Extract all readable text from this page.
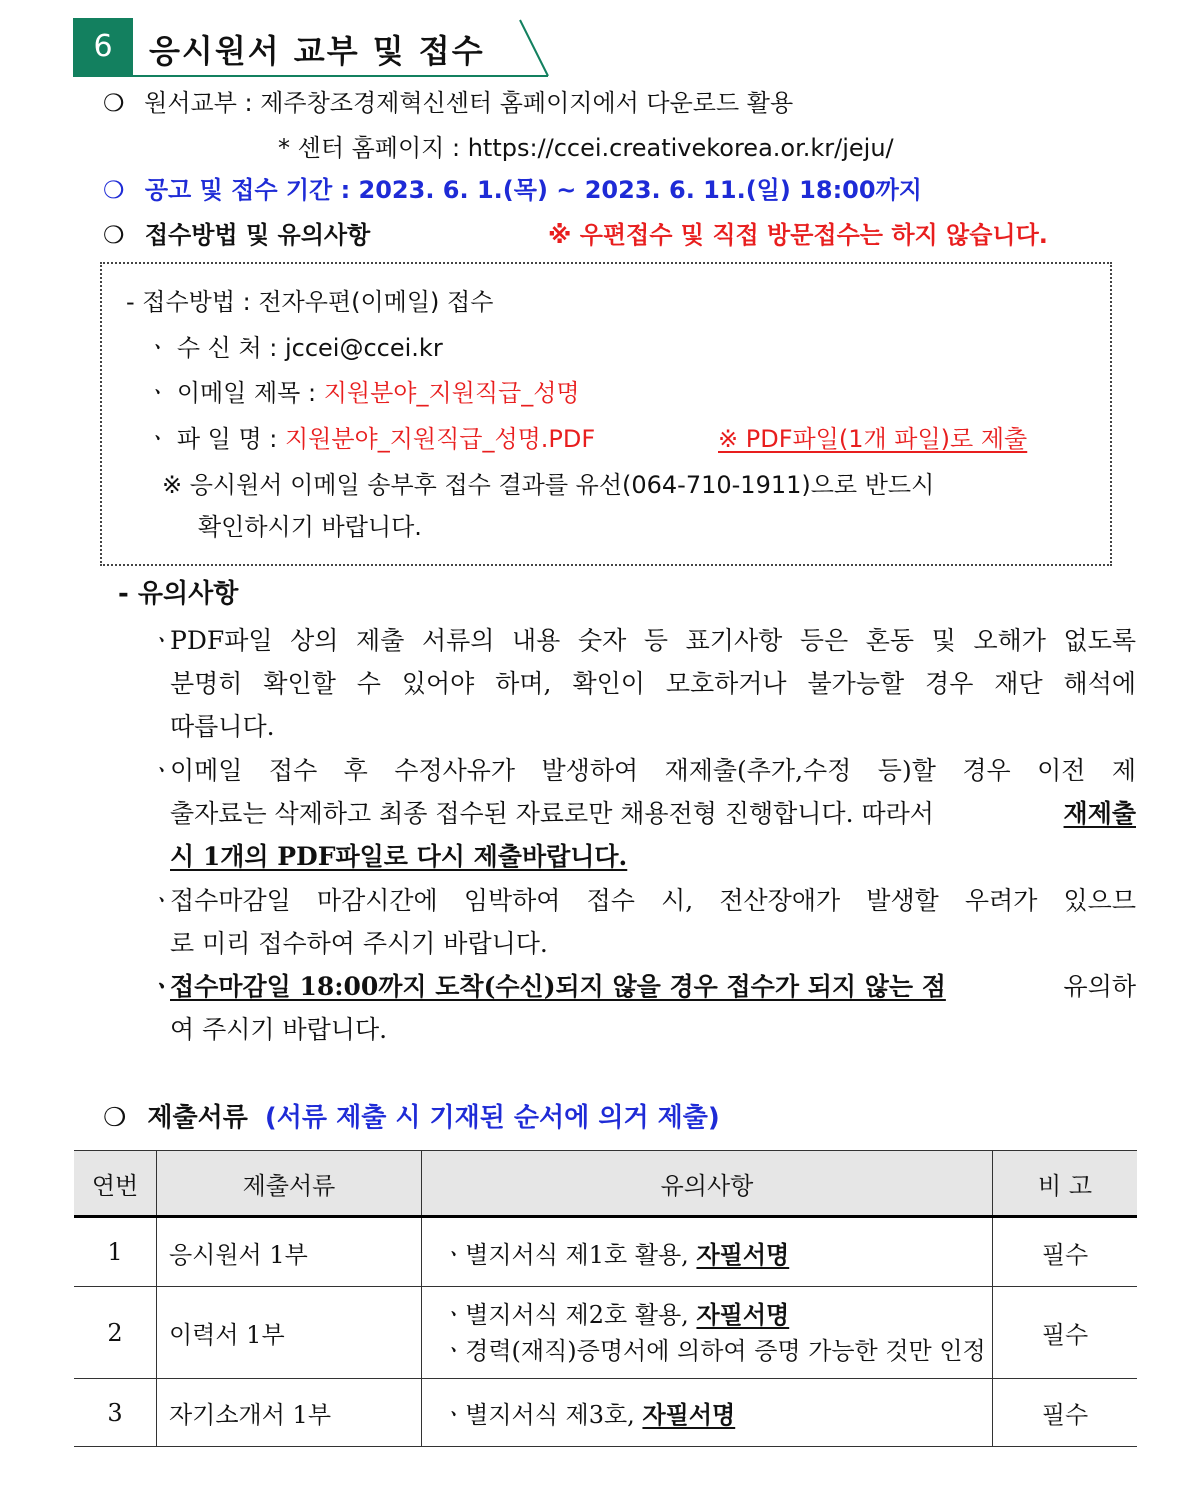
6	응시원서 교부 및 접수
❍ 원서교부 : 제주창조경제혁신센터 홈페이지에서 다운로드 활용
* 센터 홈페이지 : https://ccei.creativekorea.or.kr/jeju/
❍ 공고 및 접수 기간 : 2023. 6. 1.(목) ~ 2023. 6. 11.(일) 18:00까지
❍ 접수방법 및 유의사항	※ 우편접수 및 직접 방문접수는 하지 않습니다.
- 접수방법 : 전자우편(이메일) 접수
ㆍ 수 신 처 : jccei@ccei.kr
ㆍ 이메일 제목 : 지원분야_지원직급_성명
ㆍ 파 일 명 : 지원분야_지원직급_성명.PDF	※ PDF파일(1개 파일)로 제출
※ 응시원서 이메일 송부후 접수 결과를 유선(064-710-1911)으로 반드시
확인하시기 바랍니다.
- 유의사항
ㆍ
PDF파일 상의 제출 서류의 내용 숫자 등 표기사항 등은 혼동 및 오해가 없도록
분명히 확인할 수 있어야 하며, 확인이 모호하거나 불가능할 경우 재단 해석에
따릅니다.
ㆍ
이메일 접수 후 수정사유가 발생하여 재제출(추가,수정 등)할 경우 이전 제
출자료는 삭제하고 최종 접수된 자료로만 채용전형 진행합니다. 따라서	재제출
시 1개의 PDF파일로 다시 제출바랍니다.
ㆍ
접수마감일 마감시간에 임박하여 접수 시, 전산장애가 발생할 우려가 있으므
로 미리 접수하여 주시기 바랍니다.
ㆍ
접수마감일 18:00까지 도착(수신)되지 않을 경우 접수가 되지 않는 점	유의하
여 주시기 바랍니다.
❍ 제출서류 (서류 제출 시 기재된 순서에 의거 제출)
연번	제출서류	유의사항	비 고
1	응시원서 1부	ㆍ별지서식 제1호 활용, 자필서명	필수
2	이력서 1부	ㆍ별지서식 제2호 활용, 자필서명
ㆍ경력(재직)증명서에 의하여 증명 가능한 것만 인정	필수
3	자기소개서 1부	ㆍ별지서식 제3호, 자필서명	필수
